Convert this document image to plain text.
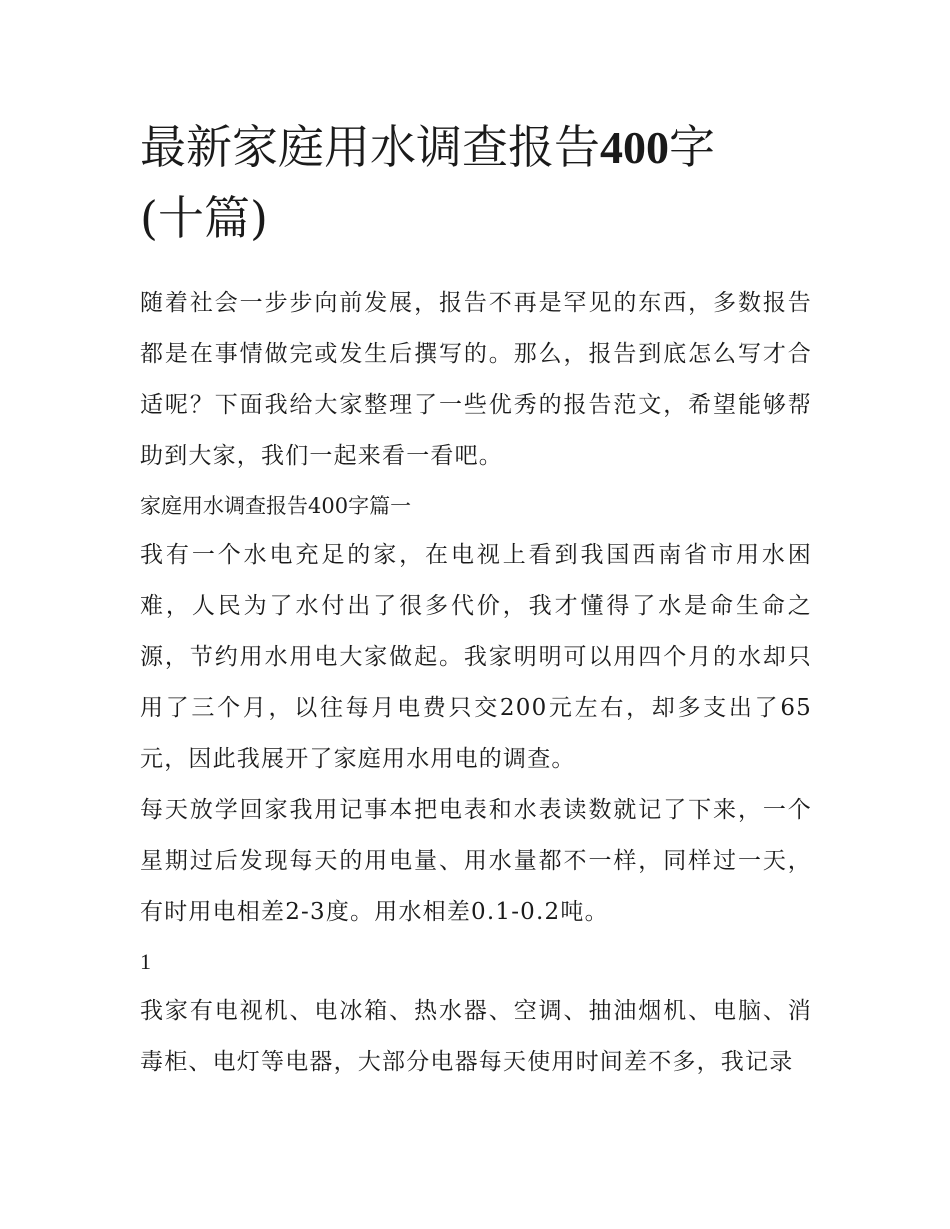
最新家庭用水调查报告400字
(十篇)

随着社会一步步向前发展，报告不再是罕见的东西，多数报告都是在事情做完或发生后撰写的。那么，报告到底怎么写才合适呢？下面我给大家整理了一些优秀的报告范文，希望能够帮助到大家，我们一起来看一看吧。

家庭用水调查报告400字篇一

我有一个水电充足的家，在电视上看到我国西南省市用水困难，人民为了水付出了很多代价，我才懂得了水是命生命之源，节约用水用电大家做起。我家明明可以用四个月的水却只用了三个月，以往每月电费只交200元左右，却多支出了65元，因此我展开了家庭用水用电的调查。

每天放学回家我用记事本把电表和水表读数就记了下来，一个星期过后发现每天的用电量、用水量都不一样，同样过一天，有时用电相差2-3度。用水相差0.1-0.2吨。

1

我家有电视机、电冰箱、热水器、空调、抽油烟机、电脑、消毒柜、电灯等电器，大部分电器每天使用时间差不多，我记录
